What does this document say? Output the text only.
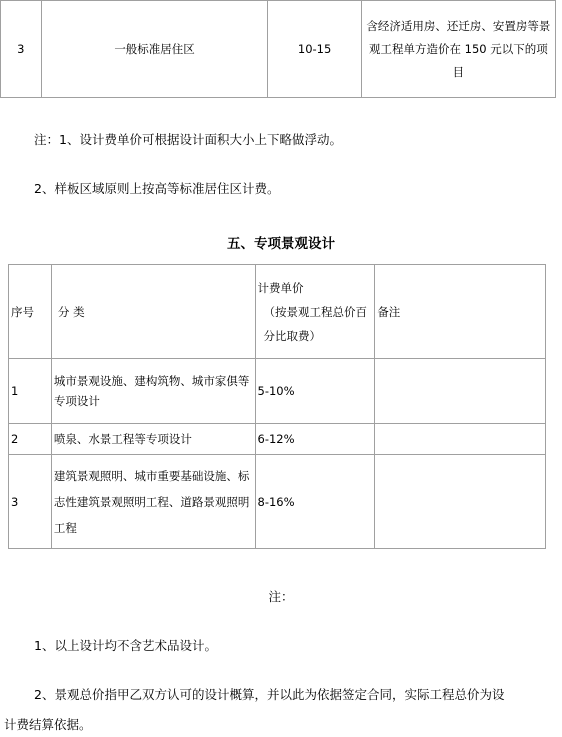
3	一般标准居住区	10-15	
含经济适用房、还迁房、安置房等景
观工程单方造价在 150 元以下的项
目
注：1、设计费单价可根据设计面积大小上下略做浮动。
2、样板区域原则上按高等标准居住区计费。
五、专项景观设计
序号	分 类	计费单价
（按景观工程总价百
分比取费）	备注
1	城市景观设施、建构筑物、城市家俱等
专项设计	5-10%	
2	喷泉、水景工程等专项设计	6-12%	
3	建筑景观照明、城市重要基础设施、标
志性建筑景观照明工程、道路景观照明
工程	8-16%	
注：
1、以上设计均不含艺术品设计。
2、景观总价指甲乙双方认可的设计概算，并以此为依据签定合同，实际工程总价为设
计费结算依据。
